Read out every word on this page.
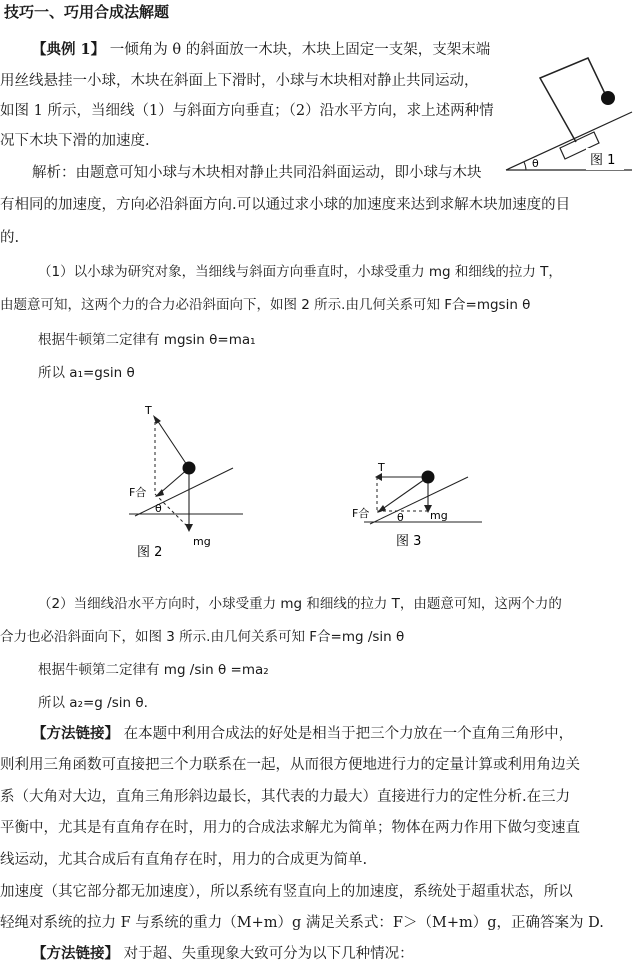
技巧一、巧用合成法解题
【典例 1】 一倾角为 θ 的斜面放一木块，木块上固定一支架，支架末端
用丝线悬挂一小球，木块在斜面上下滑时，小球与木块相对静止共同运动，
如图 1 所示，当细线（1）与斜面方向垂直；（2）沿水平方向，求上述两种情
况下木块下滑的加速度.
θ	图 1
解析：由题意可知小球与木块相对静止共同沿斜面运动，即小球与木块
有相同的加速度，方向必沿斜面方向.可以通过求小球的加速度来达到求解木块加速度的目
的.
（1）以小球为研究对象，当细线与斜面方向垂直时，小球受重力 mg 和细线的拉力 T，
由题意可知，这两个力的合力必沿斜面向下，如图 2 所示.由几何关系可知 F合=mgsin θ
根据牛顿第二定律有 mgsin θ=ma₁
所以 a₁=gsin θ
T
F合
θ
mg
图 2
T
F合	θ mg
图 3
（2）当细线沿水平方向时，小球受重力 mg 和细线的拉力 T，由题意可知，这两个力的
合力也必沿斜面向下，如图 3 所示.由几何关系可知 F合=mg /sin θ
根据牛顿第二定律有 mg /sin θ =ma₂
所以 a₂=g /sin θ.
【方法链接】 在本题中利用合成法的好处是相当于把三个力放在一个直角三角形中，
则利用三角函数可直接把三个力联系在一起，从而很方便地进行力的定量计算或利用角边关
系（大角对大边，直角三角形斜边最长，其代表的力最大）直接进行力的定性分析.在三力
平衡中，尤其是有直角存在时，用力的合成法求解尤为简单；物体在两力作用下做匀变速直
线运动，尤其合成后有直角存在时，用力的合成更为简单.
加速度（其它部分都无加速度），所以系统有竖直向上的加速度，系统处于超重状态，所以
轻绳对系统的拉力 F 与系统的重力（M+m）g 满足关系式：F＞（M+m）g，正确答案为 D.
【方法链接】 对于超、失重现象大致可分为以下几种情况：
